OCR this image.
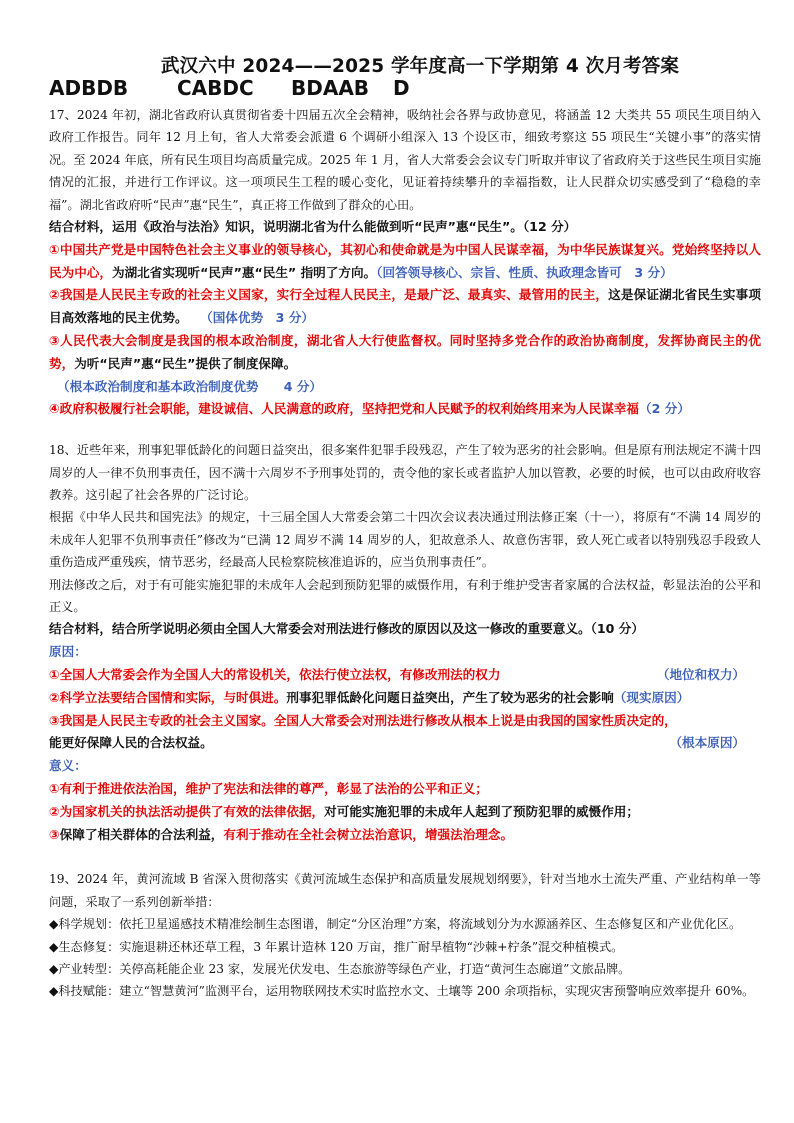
武汉六中 2024——2025 学年度高一下学期第 4 次月考答案
ADBDB CABDC BDAAB D

17、2024 年初，湖北省政府认真贯彻省委十四届五次全会精神，吸纳社会各界与政协意见，将涵盖 12 大类共 55 项民生项目纳入政府工作报告。同年 12 月上旬，省人大常委会派遣 6 个调研小组深入 13 个设区市，细致考察这 55 项民生“关键小事”的落实情况。至 2024 年底，所有民生项目均高质量完成。2025 年 1 月，省人大常委会会议专门听取并审议了省政府关于这些民生项目实施情况的汇报，并进行工作评议。这一项项民生工程的暖心变化，见证着持续攀升的幸福指数，让人民群众切实感受到了“稳稳的幸福”。湖北省政府听“民声”惠“民生”，真正将工作做到了群众的心田。

结合材料，运用《政治与法治》知识，说明湖北省为什么能做到听“民声”惠“民生”。（12 分）

①中国共产党是中国特色社会主义事业的领导核心，其初心和使命就是为中国人民谋幸福，为中华民族谋复兴。党始终坚持以人民为中心，为湖北省实现听“民声”惠“民生” 指明了方向。（回答领导核心、宗旨、性质、执政理念皆可　3 分）

②我国是人民民主专政的社会主义国家，实行全过程人民民主，是最广泛、最真实、最管用的民主，这是保证湖北省民生实事项目高效落地的民主优势。　　 （国体优势　3 分）

③人民代表大会制度是我国的根本政治制度，湖北省人大行使监督权。同时坚持多党合作的政治协商制度，发挥协商民主的优势，为听“民声”惠“民生”提供了制度保障。

（根本政治制度和基本政治制度优势　　4 分）

④政府积极履行社会职能，建设诚信、人民满意的政府，坚持把党和人民赋予的权利始终用来为人民谋幸福（2 分）

18、近些年来，刑事犯罪低龄化的问题日益突出，很多案件犯罪手段残忍，产生了较为恶劣的社会影响。但是原有刑法规定不满十四周岁的人一律不负刑事责任，因不满十六周岁不予刑事处罚的，责令他的家长或者监护人加以管教，必要的时候，也可以由政府收容教养。这引起了社会各界的广泛讨论。

根据《中华人民共和国宪法》的规定，十三届全国人大常委会第二十四次会议表决通过刑法修正案（十一），将原有“不满 14 周岁的未成年人犯罪不负刑事责任”修改为“已满 12 周岁不满 14 周岁的人，犯故意杀人、故意伤害罪，致人死亡或者以特别残忍手段致人重伤造成严重残疾，情节恶劣，经最高人民检察院核准追诉的，应当负刑事责任”。

刑法修改之后，对于有可能实施犯罪的未成年人会起到预防犯罪的威慑作用，有利于维护受害者家属的合法权益，彰显法治的公平和正义。

结合材料，结合所学说明必须由全国人大常委会对刑法进行修改的原因以及这一修改的重要意义。（10 分）

原因：

①全国人大常委会作为全国人大的常设机关，依法行使立法权，有修改刑法的权力	（地位和权力）

②科学立法要结合国情和实际，与时俱进。刑事犯罪低龄化问题日益突出，产生了较为恶劣的社会影响（现实原因）

③我国是人民民主专政的社会主义国家。全国人大常委会对刑法进行修改从根本上说是由我国的国家性质决定的，

能更好保障人民的合法权益。	（根本原因）

意义：

①有利于推进依法治国，维护了宪法和法律的尊严，彰显了法治的公平和正义；

②为国家机关的执法活动提供了有效的法律依据，对可能实施犯罪的未成年人起到了预防犯罪的威慑作用；

③保障了相关群体的合法利益，有利于推动在全社会树立法治意识，增强法治理念。

19、2024 年，黄河流域 B 省深入贯彻落实《黄河流域生态保护和高质量发展规划纲要》，针对当地水土流失严重、产业结构单一等问题，采取了一系列创新举措：

◆科学规划：依托卫星遥感技术精准绘制生态图谱，制定“分区治理”方案，将流域划分为水源涵养区、生态修复区和产业优化区。

◆生态修复：实施退耕还林还草工程，3 年累计造林 120 万亩，推广耐旱植物“沙棘+柠条”混交种植模式。

◆产业转型：关停高耗能企业 23 家，发展光伏发电、生态旅游等绿色产业，打造“黄河生态廊道”文旅品牌。

◆科技赋能：建立“智慧黄河”监测平台，运用物联网技术实时监控水文、土壤等 200 余项指标，实现灾害预警响应效率提升 60%。
